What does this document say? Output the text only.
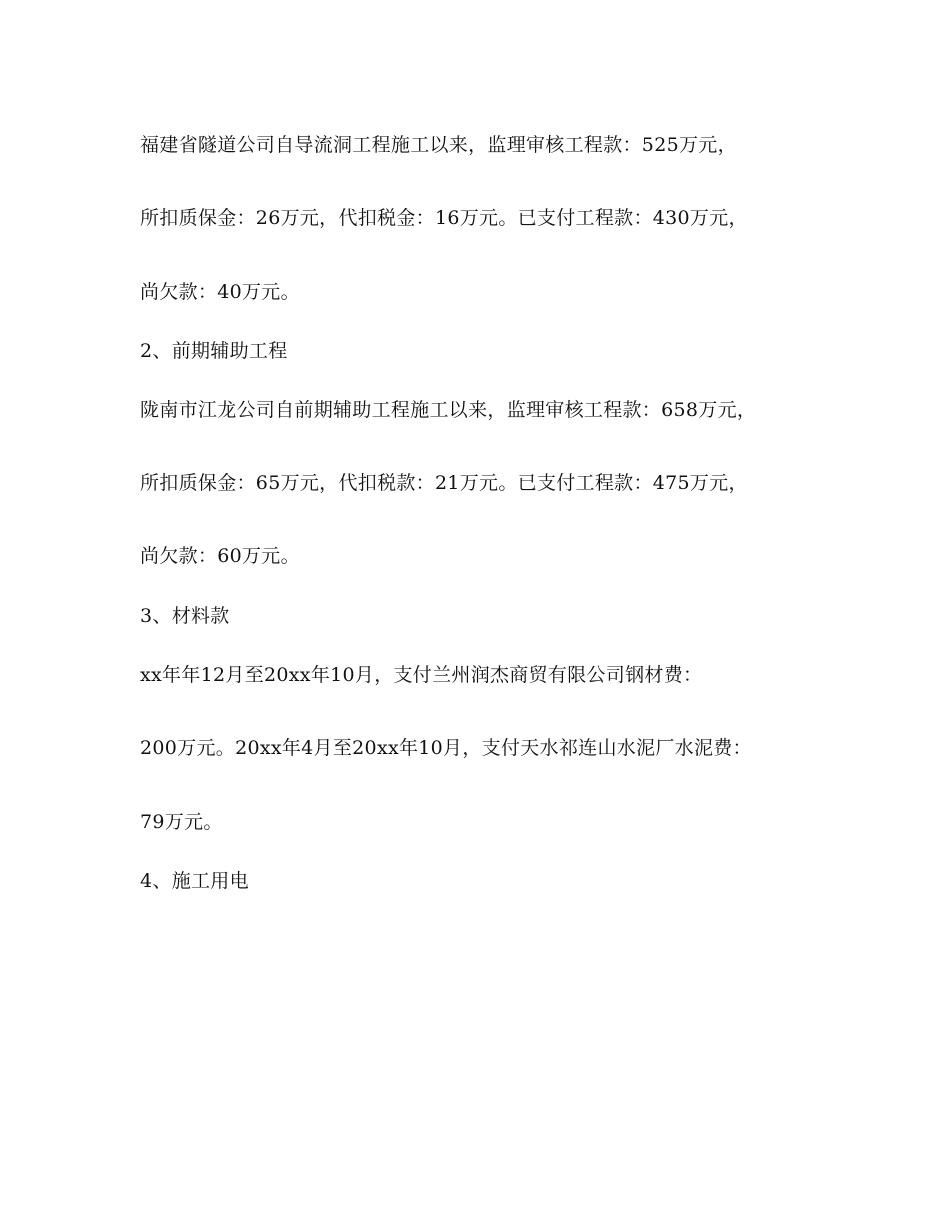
福建省隧道公司自导流洞工程施工以来，监理审核工程款：525万元，
所扣质保金：26万元，代扣税金：16万元。已支付工程款：430万元，
尚欠款：40万元。
2、前期辅助工程
陇南市江龙公司自前期辅助工程施工以来，监理审核工程款：658万元，
所扣质保金：65万元，代扣税款：21万元。已支付工程款：475万元，
尚欠款：60万元。
3、材料款
xx年年12月至20xx年10月，支付兰州润杰商贸有限公司钢材费：
200万元。20xx年4月至20xx年10月，支付天水祁连山水泥厂水泥费：
79万元。
4、施工用电
